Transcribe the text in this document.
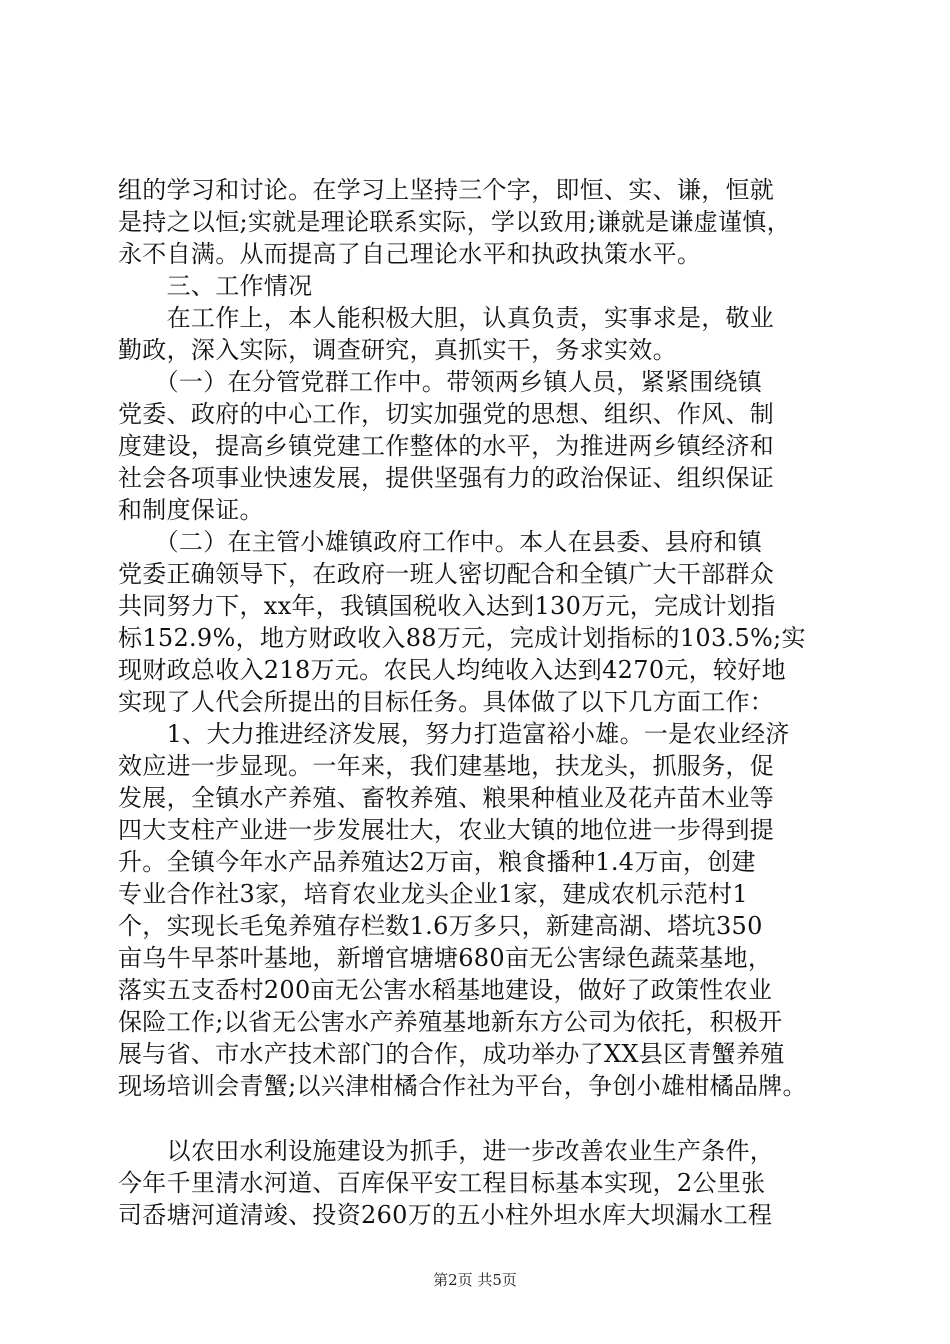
组的学习和讨论。在学习上坚持三个字，即恒、实、谦，恒就
是持之以恒;实就是理论联系实际，学以致用;谦就是谦虚谨慎，
永不自满。从而提高了自己理论水平和执政执策水平。
　　三、工作情况
　　在工作上，本人能积极大胆，认真负责，实事求是，敬业
勤政，深入实际，调查研究，真抓实干，务求实效。
　　（一）在分管党群工作中。带领两乡镇人员，紧紧围绕镇
党委、政府的中心工作，切实加强党的思想、组织、作风、制
度建设，提高乡镇党建工作整体的水平，为推进两乡镇经济和
社会各项事业快速发展，提供坚强有力的政治保证、组织保证
和制度保证。
　　（二）在主管小雄镇政府工作中。本人在县委、县府和镇
党委正确领导下，在政府一班人密切配合和全镇广大干部群众
共同努力下，xx年，我镇国税收入达到130万元，完成计划指
标152.9%，地方财政收入88万元，完成计划指标的103.5%;实
现财政总收入218万元。农民人均纯收入达到4270元，较好地
实现了人代会所提出的目标任务。具体做了以下几方面工作：
　　1、大力推进经济发展，努力打造富裕小雄。一是农业经济
效应进一步显现。一年来，我们建基地，扶龙头，抓服务，促
发展，全镇水产养殖、畜牧养殖、粮果种植业及花卉苗木业等
四大支柱产业进一步发展壮大，农业大镇的地位进一步得到提
升。全镇今年水产品养殖达2万亩，粮食播种1.4万亩，创建
专业合作社3家，培育农业龙头企业1家，建成农机示范村1
个，实现长毛兔养殖存栏数1.6万多只，新建高湖、塔坑350
亩乌牛早茶叶基地，新增官塘塘680亩无公害绿色蔬菜基地，
落实五支岙村200亩无公害水稻基地建设，做好了政策性农业
保险工作;以省无公害水产养殖基地新东方公司为依托，积极开
展与省、市水产技术部门的合作，成功举办了XX县区青蟹养殖
现场培训会青蟹;以兴津柑橘合作社为平台，争创小雄柑橘品牌。
　　以农田水利设施建设为抓手，进一步改善农业生产条件，
今年千里清水河道、百库保平安工程目标基本实现，2公里张
司岙塘河道清竣、投资260万的五小柱外坦水库大坝漏水工程
第2页 共5页
